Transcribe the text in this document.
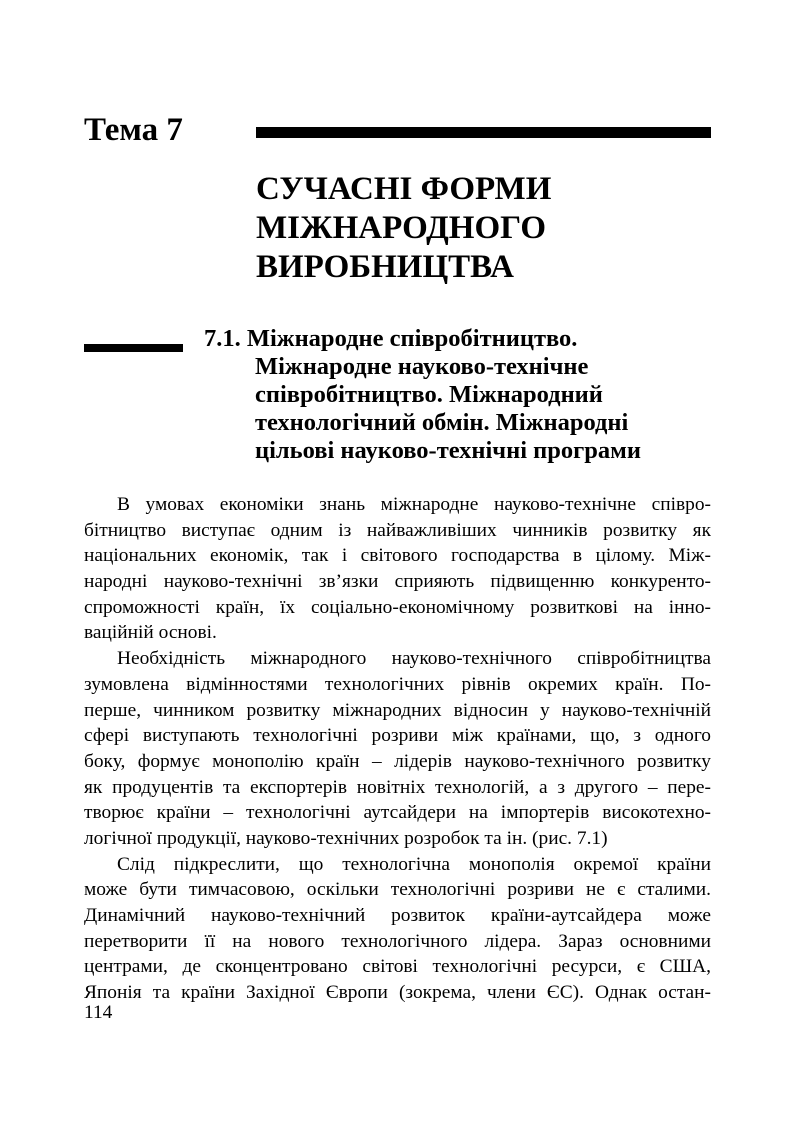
Тема 7
СУЧАСНІ ФОРМИ
МІЖНАРОДНОГО
ВИРОБНИЦТВА
7.1. Міжнародне співробітництво.
Міжнародне науково-технічне
співробітництво. Міжнародний
технологічний обмін. Міжнародні
цільові науково-технічні програми
В умовах економіки знань міжнародне науково-технічне співро-
бітництво виступає одним із найважливіших чинників розвитку як
національних економік, так і світового господарства в цілому. Між-
народні науково-технічні зв’язки сприяють підвищенню конкуренто-
спроможності країн, їх соціально-економічному розвиткові на інно-
ваційній основі.
Необхідність міжнародного науково-технічного співробітництва
зумовлена відмінностями технологічних рівнів окремих країн. По-
перше, чинником розвитку міжнародних відносин у науково-технічній
сфері виступають технологічні розриви між країнами, що, з одного
боку, формує монополію країн – лідерів науково-технічного розвитку
як продуцентів та експортерів новітніх технологій, а з другого – пере-
творює країни – технологічні аутсайдери на імпортерів високотехно-
логічної продукції, науково-технічних розробок та ін. (рис. 7.1)
Слід підкреслити, що технологічна монополія окремої країни
може бути тимчасовою, оскільки технологічні розриви не є сталими.
Динамічний науково-технічний розвиток країни-аутсайдера може
перетворити її на нового технологічного лідера. Зараз основними
центрами, де сконцентровано світові технологічні ресурси, є США,
Японія та країни Західної Європи (зокрема, члени ЄС). Однак остан-
114
